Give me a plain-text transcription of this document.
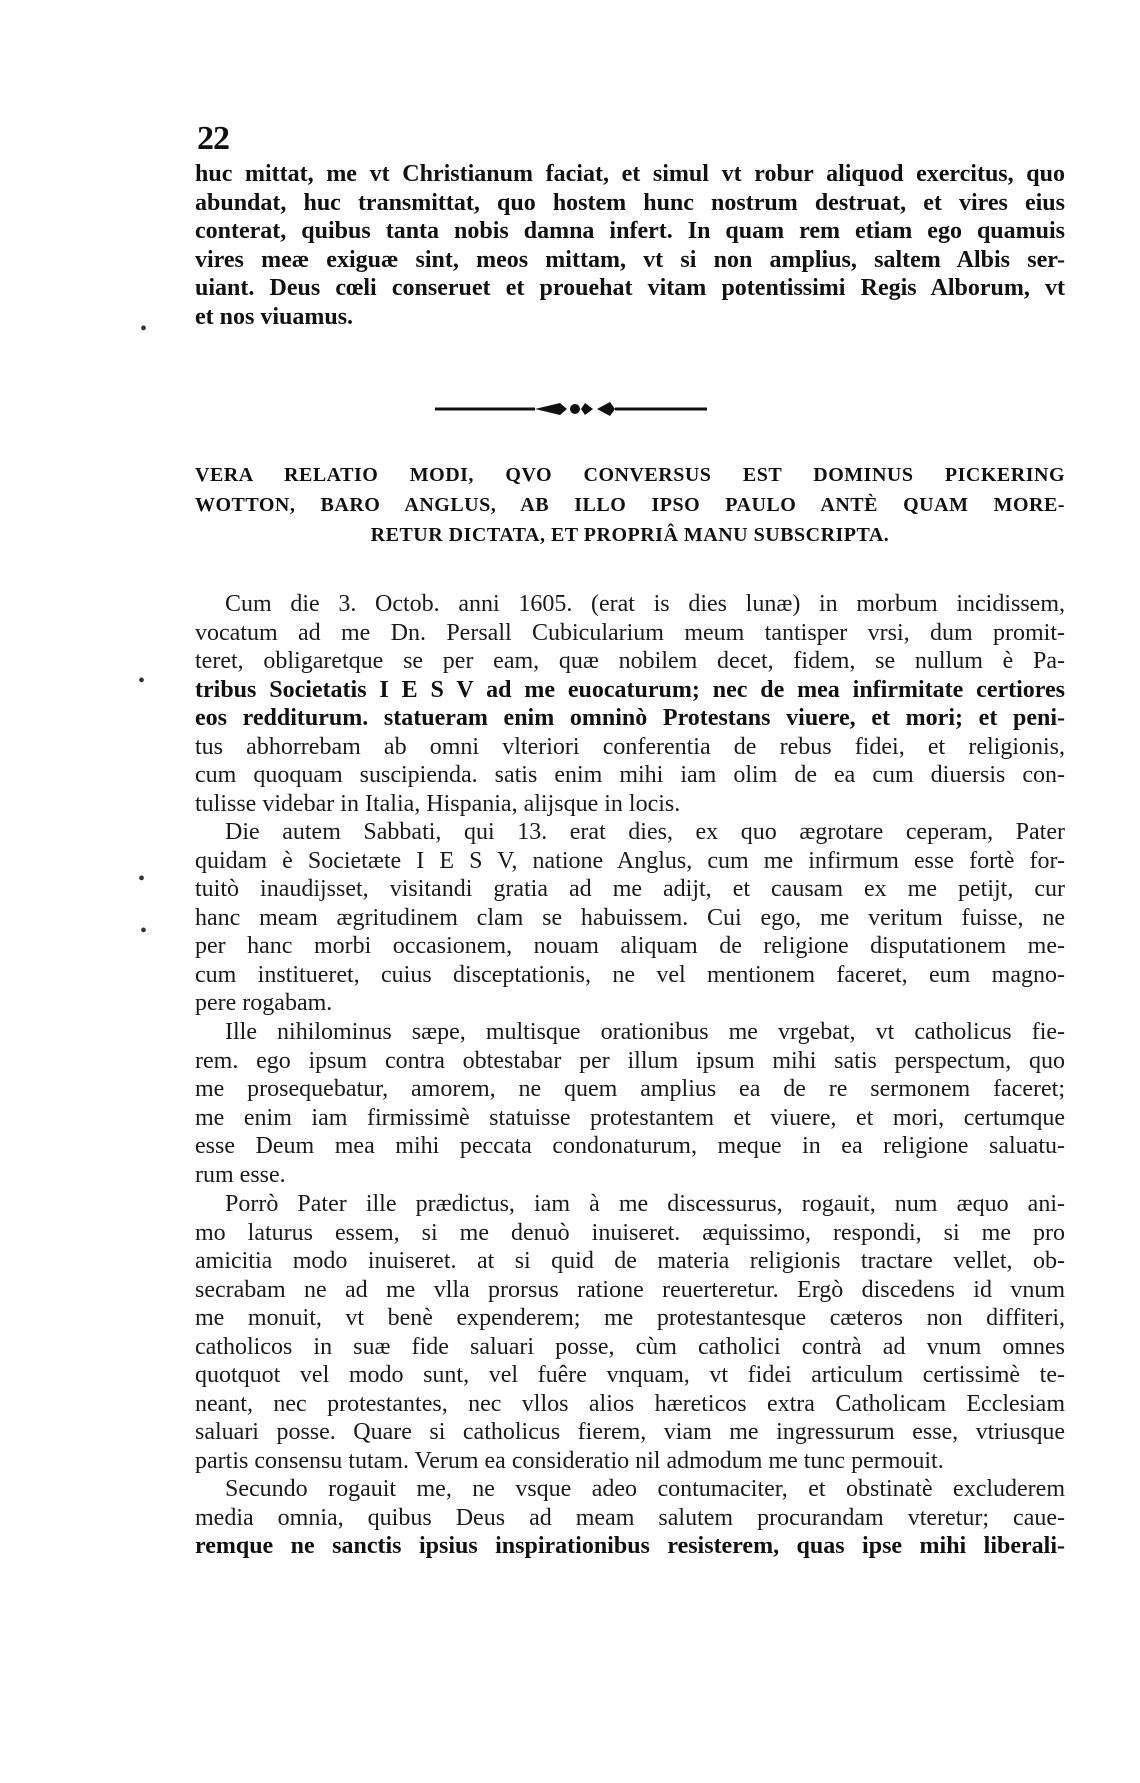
22
huc mittat, me vt Christianum faciat, et simul vt robur aliquod exercitus, quo
abundat, huc transmittat, quo hostem hunc nostrum destruat, et vires eius
conterat, quibus tanta nobis damna infert. In quam rem etiam ego quamuis
vires meæ exiguæ sint, meos mittam, vt si non amplius, saltem Albis ser-
uiant. Deus cœli conseruet et prouehat vitam potentissimi Regis Alborum, vt
et nos viuamus.
VERA RELATIO MODI, QVO CONVERSUS EST DOMINUS PICKERING
WOTTON, BARO ANGLUS, AB ILLO IPSO PAULO ANTÈ QUAM MORE-
RETUR DICTATA, ET PROPRIÂ MANU SUBSCRIPTA.
Cum die 3. Octob. anni 1605. (erat is dies lunæ) in morbum incidissem,
vocatum ad me Dn. Persall Cubicularium meum tantisper vrsi, dum promit-
teret, obligaretque se per eam, quæ nobilem decet, fidem, se nullum è Pa-
tribus Societatis I E S V ad me euocaturum; nec de mea infirmitate certiores
eos redditurum. statueram enim omninò Protestans viuere, et mori; et peni-
tus abhorrebam ab omni vlteriori conferentia de rebus fidei, et religionis,
cum quoquam suscipienda. satis enim mihi iam olim de ea cum diuersis con-
tulisse videbar in Italia, Hispania, alijsque in locis.
Die autem Sabbati, qui 13. erat dies, ex quo ægrotare ceperam, Pater
quidam è Societæte I E S V, natione Anglus, cum me infirmum esse fortè for-
tuitò inaudijsset, visitandi gratia ad me adijt, et causam ex me petijt, cur
hanc meam ægritudinem clam se habuissem. Cui ego, me veritum fuisse, ne
per hanc morbi occasionem, nouam aliquam de religione disputationem me-
cum institueret, cuius disceptationis, ne vel mentionem faceret, eum magno-
pere rogabam.
Ille nihilominus sæpe, multisque orationibus me vrgebat, vt catholicus fie-
rem. ego ipsum contra obtestabar per illum ipsum mihi satis perspectum, quo
me prosequebatur, amorem, ne quem amplius ea de re sermonem faceret;
me enim iam firmissimè statuisse protestantem et viuere, et mori, certumque
esse Deum mea mihi peccata condonaturum, meque in ea religione saluatu-
rum esse.
Porrò Pater ille prædictus, iam à me discessurus, rogauit, num æquo ani-
mo laturus essem, si me denuò inuiseret. æquissimo, respondi, si me pro
amicitia modo inuiseret. at si quid de materia religionis tractare vellet, ob-
secrabam ne ad me vlla prorsus ratione reuerteretur. Ergò discedens id vnum
me monuit, vt benè expenderem; me protestantesque cæteros non diffiteri,
catholicos in suæ fide saluari posse, cùm catholici contrà ad vnum omnes
quotquot vel modo sunt, vel fuêre vnquam, vt fidei articulum certissimè te-
neant, nec protestantes, nec vllos alios hæreticos extra Catholicam Ecclesiam
saluari posse. Quare si catholicus fierem, viam me ingressurum esse, vtriusque
partis consensu tutam. Verum ea consideratio nil admodum me tunc permouit.
Secundo rogauit me, ne vsque adeo contumaciter, et obstinatè excluderem
media omnia, quibus Deus ad meam salutem procurandam vteretur; caue-
remque ne sanctis ipsius inspirationibus resisterem, quas ipse mihi liberali-
•
•
•
•
